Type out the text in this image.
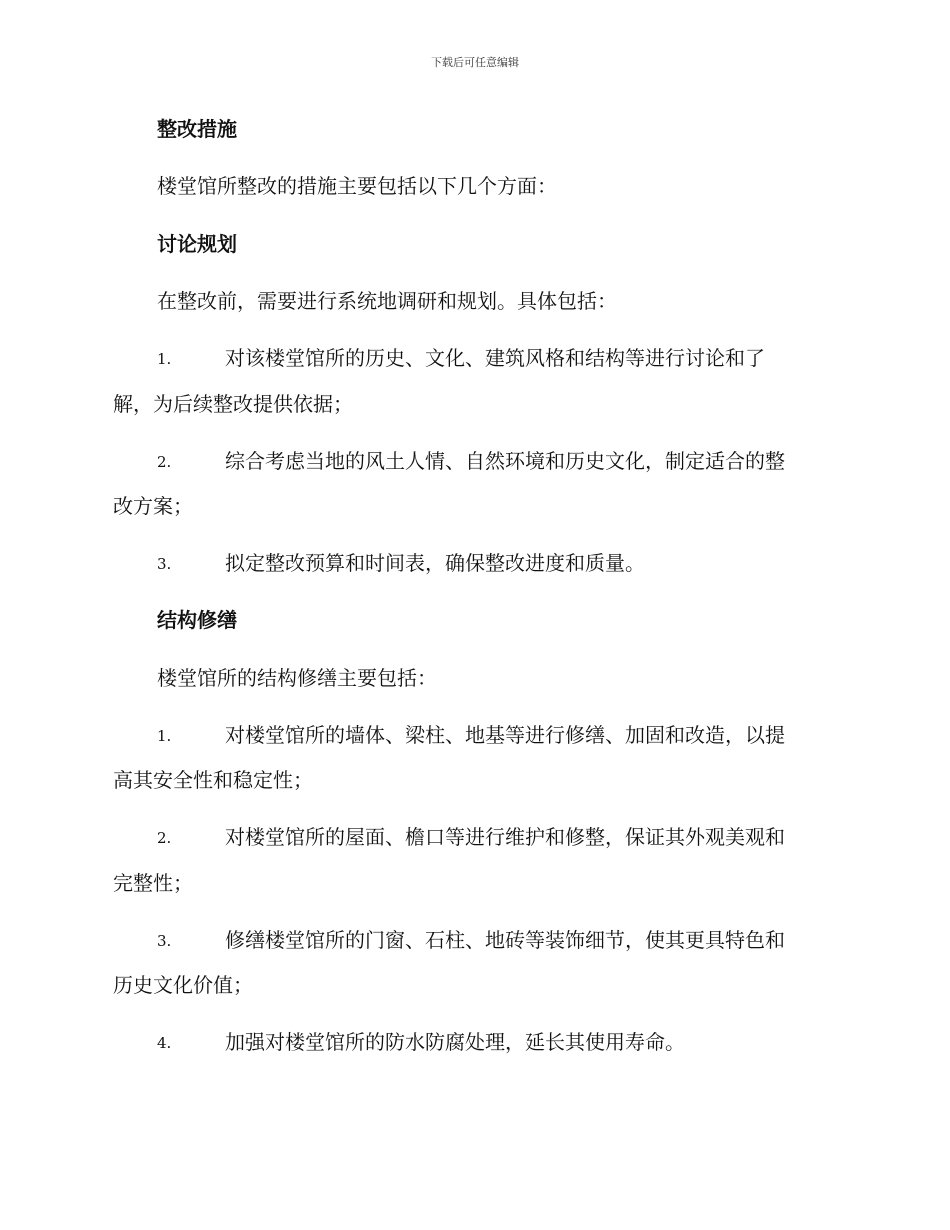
下载后可任意编辑
整改措施
楼堂馆所整改的措施主要包括以下几个方面：
讨论规划
在整改前，需要进行系统地调研和规划。具体包括：
1.	对该楼堂馆所的历史、文化、建筑风格和结构等进行讨论和了
解，为后续整改提供依据；
2.	综合考虑当地的风土人情、自然环境和历史文化，制定适合的整
改方案；
3.	拟定整改预算和时间表，确保整改进度和质量。
结构修缮
楼堂馆所的结构修缮主要包括：
1.	对楼堂馆所的墙体、梁柱、地基等进行修缮、加固和改造，以提
高其安全性和稳定性；
2.	对楼堂馆所的屋面、檐口等进行维护和修整，保证其外观美观和
完整性；
3.	修缮楼堂馆所的门窗、石柱、地砖等装饰细节，使其更具特色和
历史文化价值；
4.	加强对楼堂馆所的防水防腐处理，延长其使用寿命。
